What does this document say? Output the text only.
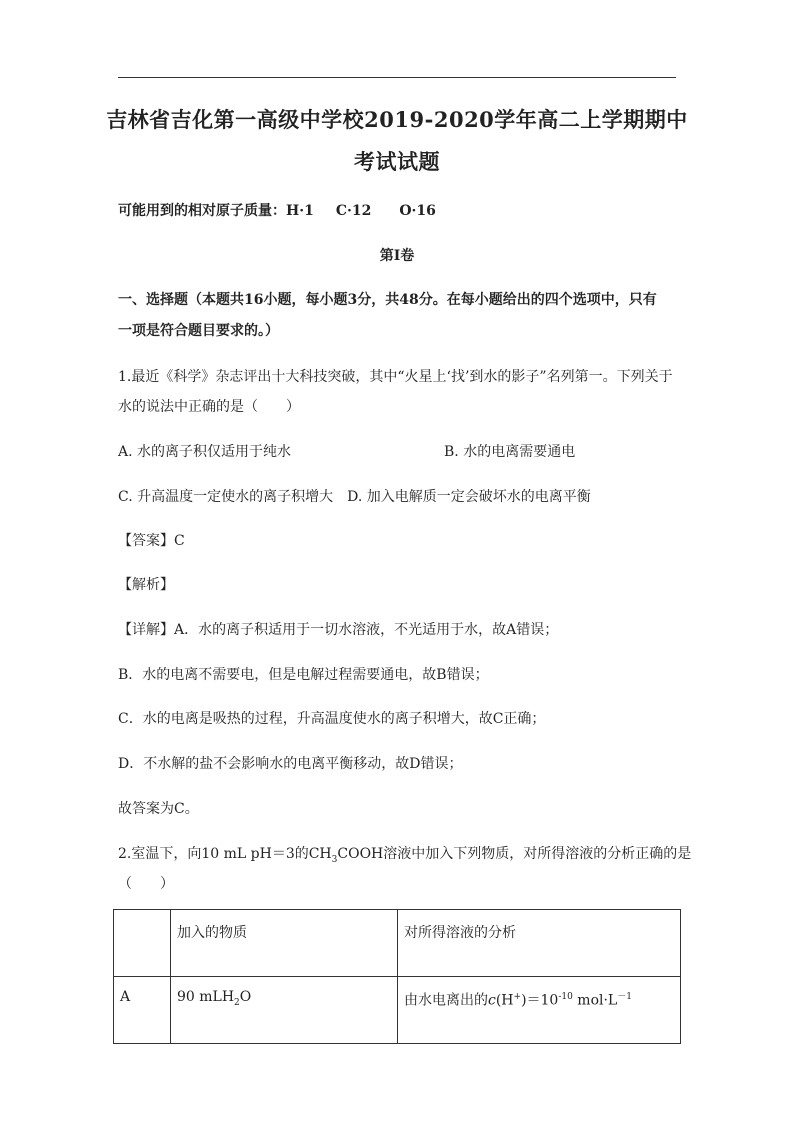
吉林省吉化第一高级中学校2019-2020学年高二上学期期中
考试试题
可能用到的相对原子质量：H·1 C·12 O·16
第Ⅰ卷
一、选择题（本题共16小题，每小题3分，共48分。在每小题给出的四个选项中，只有
一项是符合题目要求的。）
1.最近《科学》杂志评出十大科技突破，其中“火星上‘找’到水的影子”名列第一。下列关于
水的说法中正确的是（　　）
A. 水的离子积仅适用于纯水	B. 水的电离需要通电
C. 升高温度一定使水的离子积增大　D. 加入电解质一定会破坏水的电离平衡
【答案】C
【解析】
【详解】A．水的离子积适用于一切水溶液，不光适用于水，故A错误；
B．水的电离不需要电，但是电解过程需要通电，故B错误；
C．水的电离是吸热的过程，升高温度使水的离子积增大，故C正确；
D．不水解的盐不会影响水的电离平衡移动，故D错误；
故答案为C。
2.室温下，向10 mL pH＝3的$CH_3COOH$溶液中加入下列物质，对所得溶液的分析正确的是
（　　）
	加入的物质	对所得溶液的分析
A	90 mLH$_2$O	由水电离出的$c(H^+)=10^{-10}$ $mol\cdot L^{-1}$
